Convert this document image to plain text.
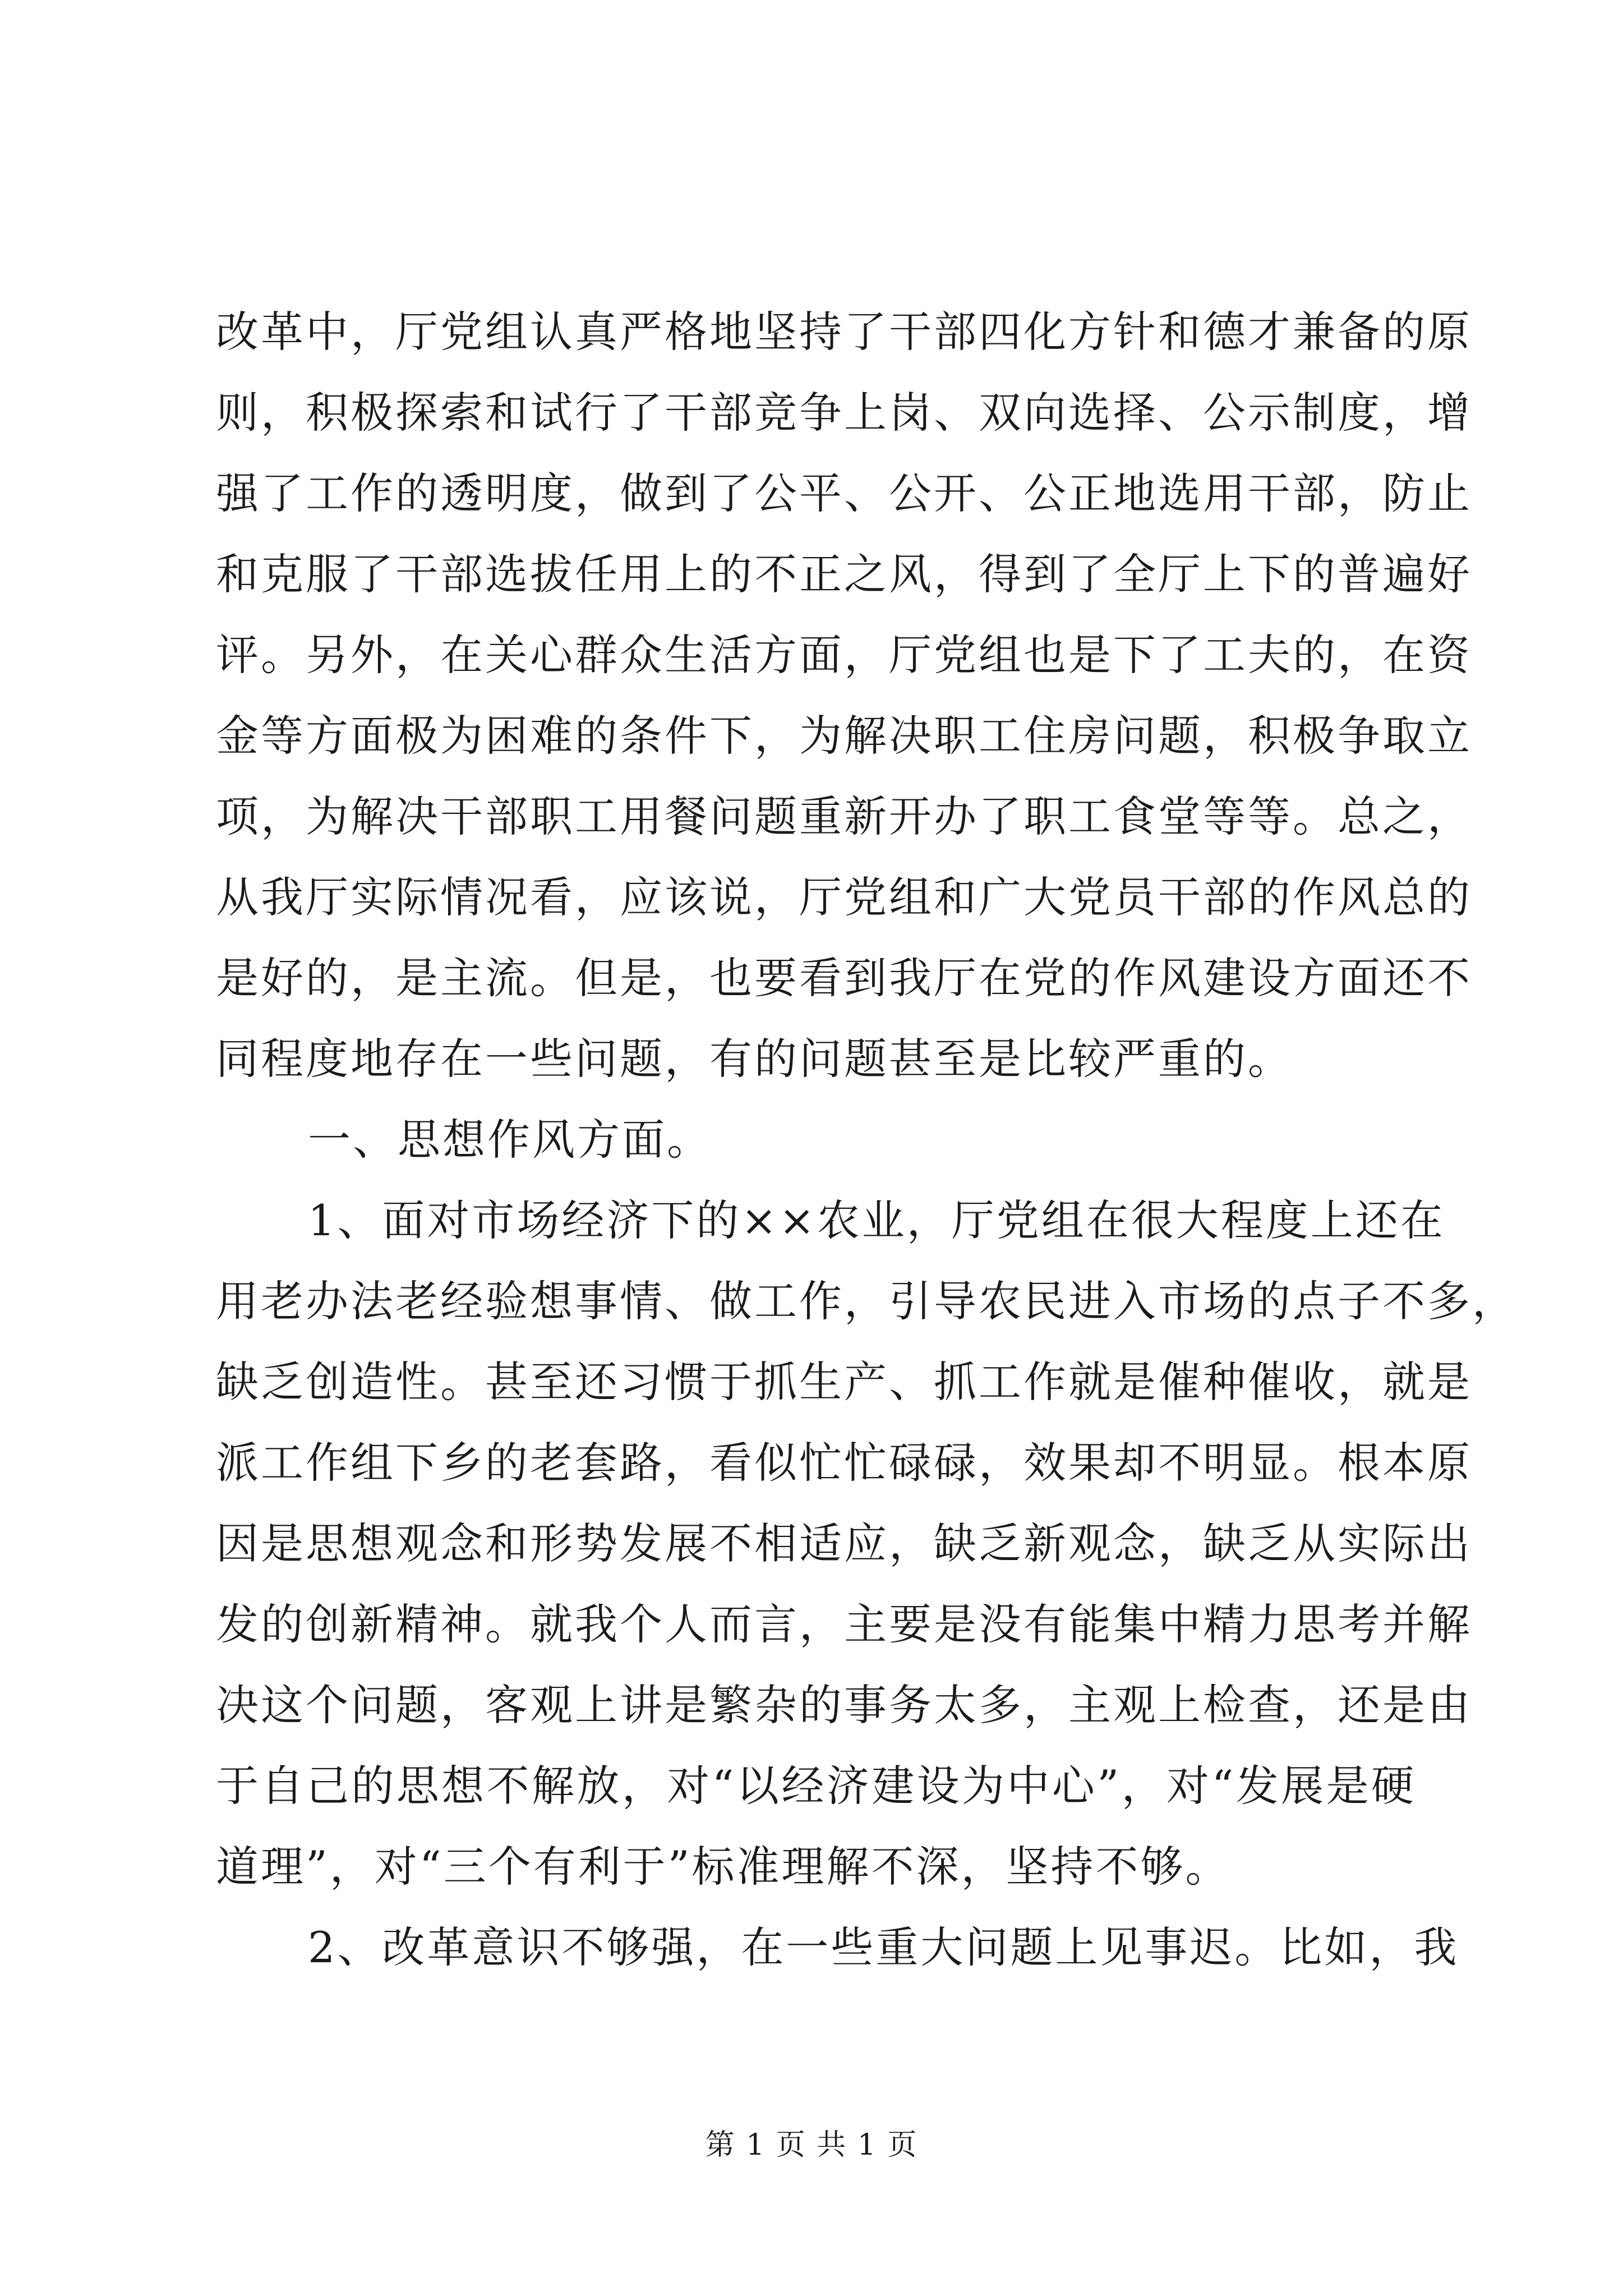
改革中，厅党组认真严格地坚持了干部四化方针和德才兼备的原
则，积极探索和试行了干部竞争上岗、双向选择、公示制度，增
强了工作的透明度，做到了公平、公开、公正地选用干部，防止
和克服了干部选拔任用上的不正之风，得到了全厅上下的普遍好
评。另外，在关心群众生活方面，厅党组也是下了工夫的，在资
金等方面极为困难的条件下，为解决职工住房问题，积极争取立
项，为解决干部职工用餐问题重新开办了职工食堂等等。总之，
从我厅实际情况看，应该说，厅党组和广大党员干部的作风总的
是好的，是主流。但是，也要看到我厅在党的作风建设方面还不
同程度地存在一些问题，有的问题甚至是比较严重的。
一、思想作风方面。
1、面对市场经济下的××农业，厅党组在很大程度上还在
用老办法老经验想事情、做工作，引导农民进入市场的点子不多，
缺乏创造性。甚至还习惯于抓生产、抓工作就是催种催收，就是
派工作组下乡的老套路，看似忙忙碌碌，效果却不明显。根本原
因是思想观念和形势发展不相适应，缺乏新观念，缺乏从实际出
发的创新精神。就我个人而言，主要是没有能集中精力思考并解
决这个问题，客观上讲是繁杂的事务太多，主观上检查，还是由
于自己的思想不解放，对“以经济建设为中心”，对“发展是硬
道理”，对“三个有利于”标准理解不深，坚持不够。
2、改革意识不够强，在一些重大问题上见事迟。比如，我
第 1 页 共 1 页
